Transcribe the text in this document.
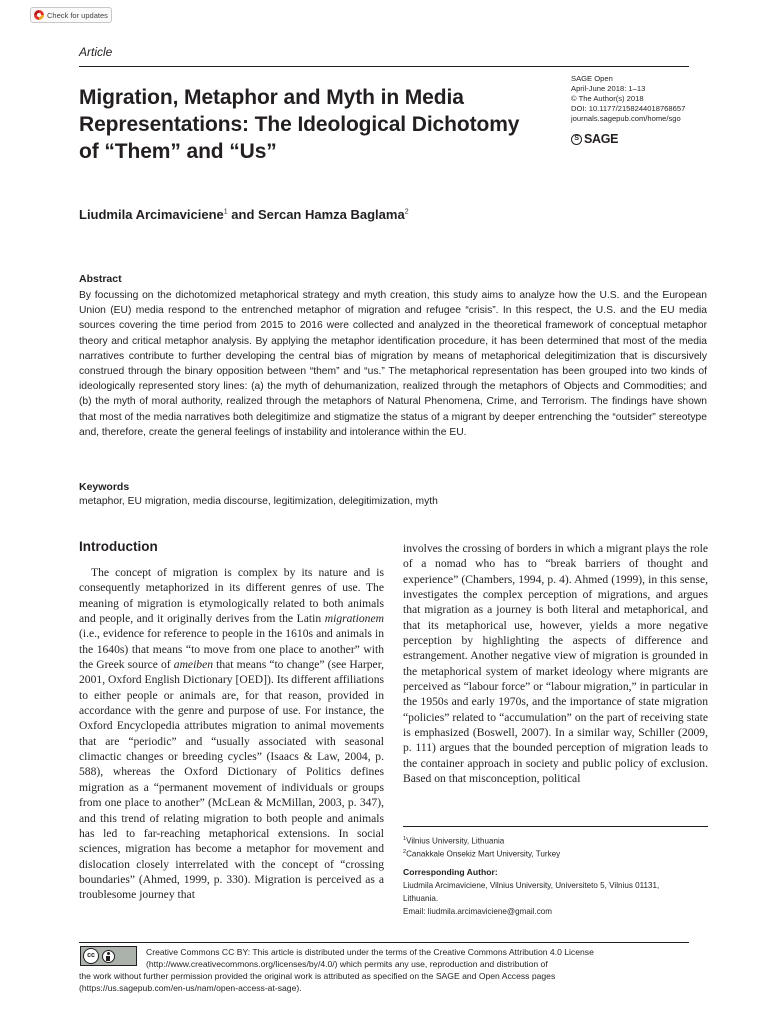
Check for updates
Article
Migration, Metaphor and Myth in Media Representations: The Ideological Dichotomy of “Them” and “Us”
SAGE Open
April-June 2018: 1–13
© The Author(s) 2018
DOI: 10.1177/2158244018768657
journals.sagepub.com/home/sgo
S SAGE
Liudmila Arcimaviciene$^1$ and Sercan Hamza Baglama$^2$
Abstract

By focussing on the dichotomized metaphorical strategy and myth creation, this study aims to analyze how the U.S. and the European Union (EU) media respond to the entrenched metaphor of migration and refugee “crisis”. In this respect, the U.S. and the EU media sources covering the time period from 2015 to 2016 were collected and analyzed in the theoretical framework of conceptual metaphor theory and critical metaphor analysis. By applying the metaphor identification procedure, it has been determined that most of the media narratives contribute to further developing the central bias of migration by means of metaphorical delegitimization that is discursively construed through the binary opposition between “them” and “us.” The metaphorical representation has been grouped into two kinds of ideologically represented story lines: (a) the myth of dehumanization, realized through the metaphors of Objects and Commodities; and (b) the myth of moral authority, realized through the metaphors of Natural Phenomena, Crime, and Terrorism. The findings have shown that most of the media narratives both delegitimize and stigmatize the status of a migrant by deeper entrenching the “outsider” stereotype and, therefore, create the general feelings of instability and intolerance within the EU.

Keywords
metaphor, EU migration, media discourse, legitimization, delegitimization, myth
Introduction

The concept of migration is complex by its nature and is consequently metaphorized in its different genres of use. The meaning of migration is etymologically related to both animals and people, and it originally derives from the Latin migrationem (i.e., evidence for reference to people in the 1610s and animals in the 1640s) that means “to move from one place to another” with the Greek source of ameiben that means “to change” (see Harper, 2001, Oxford English Dictionary [OED]). Its different affiliations to either people or animals are, for that reason, provided in accordance with the genre and purpose of use. For instance, the Oxford Encyclopedia attributes migration to animal movements that are “periodic” and “usually associated with seasonal climactic changes or breeding cycles” (Isaacs & Law, 2004, p. 588), whereas the Oxford Dictionary of Politics defines migration as a “permanent movement of individuals or groups from one place to another” (McLean & McMillan, 2003, p. 347), and this trend of relating migration to both people and animals has led to far-reaching metaphorical extensions. In social sciences, migration has become a metaphor for movement and dislocation closely interrelated with the concept of “crossing boundaries” (Ahmed, 1999, p. 330). Migration is perceived as a troublesome journey that

involves the crossing of borders in which a migrant plays the role of a nomad who has to “break barriers of thought and experience” (Chambers, 1994, p. 4). Ahmed (1999), in this sense, investigates the complex perception of migrations, and argues that migration as a journey is both literal and metaphorical, and that its metaphorical use, however, yields a more negative perception by highlighting the aspects of difference and estrangement. Another negative view of migration is grounded in the metaphorical system of market ideology where migrants are perceived as “labour force” or “labour migration,” in particular in the 1950s and early 1970s, and the importance of state migration “policies” related to “accumulation” on the part of receiving state is emphasized (Boswell, 2007). In a similar way, Schiller (2009, p. 111) argues that the bounded perception of migration leads to the container approach in society and public policy of exclusion. Based on that misconception, political

$^1$Vilnius University, Lithuania
$^2$Canakkale Onsekiz Mart University, Turkey
Corresponding Author:
Liudmila Arcimaviciene, Vilnius University, Universiteto 5, Vilnius 01131,
Lithuania.
Email: liudmila.arcimaviciene@gmail.com
cc	Creative Commons CC BY: This article is distributed under the terms of the Creative Commons Attribution 4.0 License
(http://www.creativecommons.org/licenses/by/4.0/) which permits any use, reproduction and distribution of
the work without further permission provided the original work is attributed as specified on the SAGE and Open Access pages
(https://us.sagepub.com/en-us/nam/open-access-at-sage).
